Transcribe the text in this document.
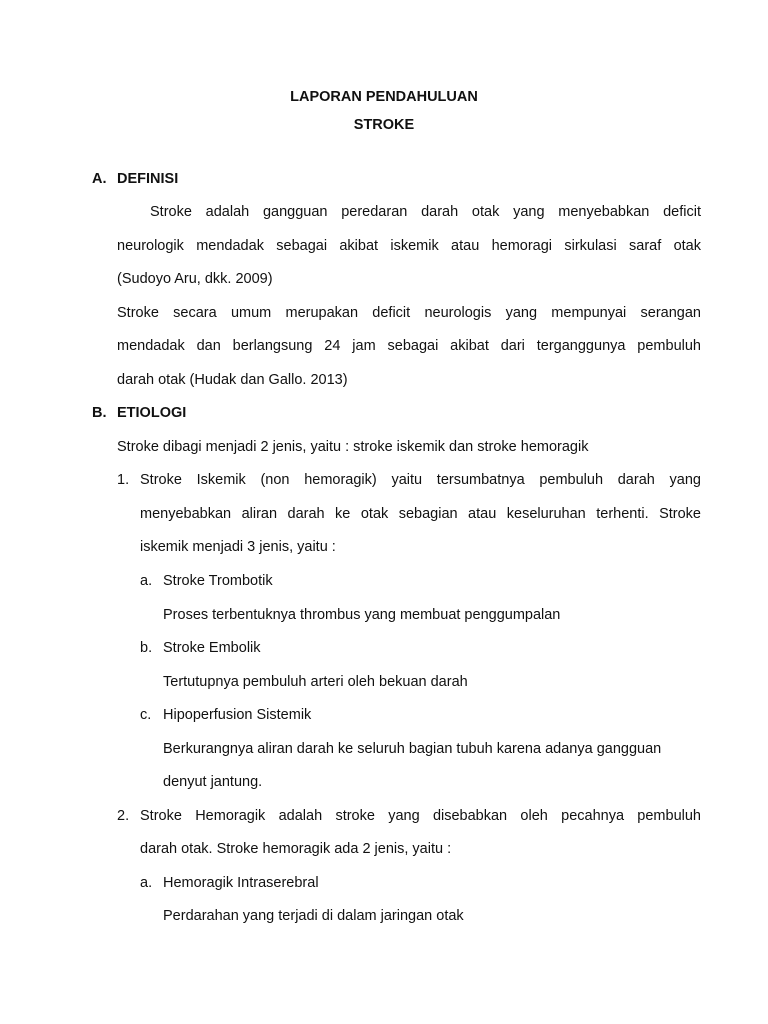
LAPORAN PENDAHULUAN
STROKE
A. DEFINISI
Stroke adalah gangguan peredaran darah otak yang menyebabkan deficit
neurologik mendadak sebagai akibat iskemik atau hemoragi sirkulasi saraf otak
(Sudoyo Aru, dkk. 2009)
Stroke secara umum merupakan deficit neurologis yang mempunyai serangan
mendadak dan berlangsung 24 jam sebagai akibat dari terganggunya pembuluh
darah otak (Hudak dan Gallo. 2013)
B. ETIOLOGI
Stroke dibagi menjadi 2 jenis, yaitu : stroke iskemik dan stroke hemoragik
1. Stroke Iskemik (non hemoragik) yaitu tersumbatnya pembuluh darah yang
menyebabkan aliran darah ke otak sebagian atau keseluruhan terhenti. Stroke
iskemik menjadi 3 jenis, yaitu :
a. Stroke Trombotik
Proses terbentuknya thrombus yang membuat penggumpalan
b. Stroke Embolik
Tertutupnya pembuluh arteri oleh bekuan darah
c. Hipoperfusion Sistemik
Berkurangnya aliran darah ke seluruh bagian tubuh karena adanya gangguan
denyut jantung.
2. Stroke Hemoragik adalah stroke yang disebabkan oleh pecahnya pembuluh
darah otak. Stroke hemoragik ada 2 jenis, yaitu :
a. Hemoragik Intraserebral
Perdarahan yang terjadi di dalam jaringan otak
